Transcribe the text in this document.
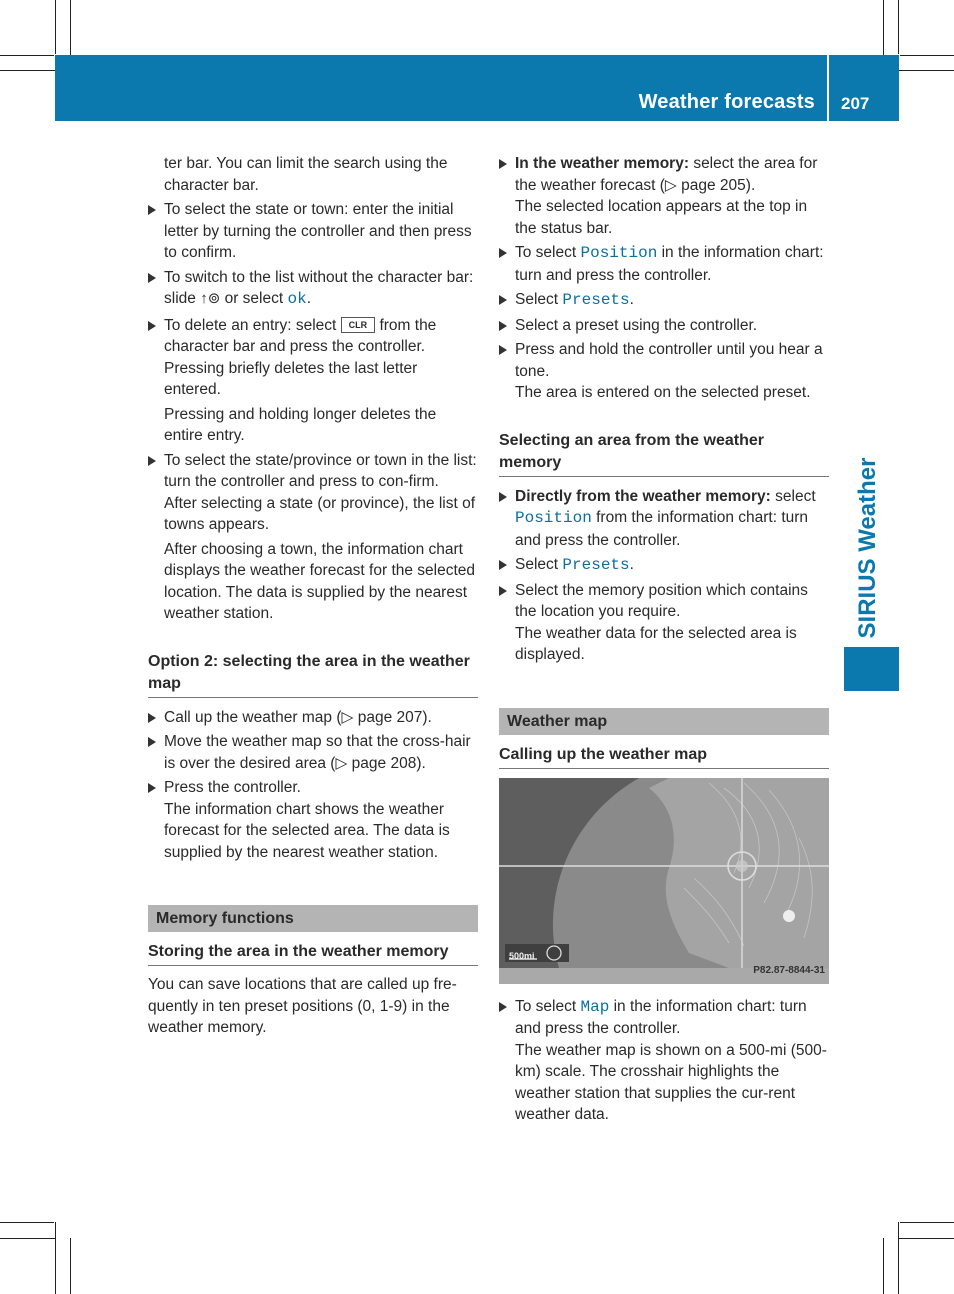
Weather forecasts 207
SIRIUS Weather

ter bar. You can limit the search using the character bar.

To select the state or town: enter the initial letter by turning the controller and then press to confirm.

To switch to the list without the character bar: slide ↑⊚ or select ok.

To delete an entry: select CLR from the character bar and press the controller. Pressing briefly deletes the last letter entered.

Pressing and holding longer deletes the entire entry.

To select the state/province or town in the list: turn the controller and press to con-firm.

After selecting a state (or province), the list of towns appears.

After choosing a town, the information chart displays the weather forecast for the selected location. The data is supplied by the nearest weather station.

Option 2: selecting the area in the weather map

Call up the weather map (▷ page 207).

Move the weather map so that the cross-hair is over the desired area (▷ page 208).

Press the controller.

The information chart shows the weather forecast for the selected area. The data is supplied by the nearest weather station.

Memory functions
Storing the area in the weather memory

You can save locations that are called up fre-quently in ten preset positions (0, 1-9) in the weather memory.

In the weather memory: select the area for the weather forecast (▷ page 205).

The selected location appears at the top in the status bar.

To select Position in the information chart: turn and press the controller.

Select Presets.

Select a preset using the controller.

Press and hold the controller until you hear a tone.

The area is entered on the selected preset.

Selecting an area from the weather memory

Directly from the weather memory: select Position from the information chart: turn and press the controller.

Select Presets.

Select the memory position which contains the location you require.

The weather data for the selected area is displayed.

Weather map
Calling up the weather map
500mi
P82.87-8844-31

To select Map in the information chart: turn and press the controller.

The weather map is shown on a 500-mi (500-km) scale. The crosshair highlights the weather station that supplies the cur-rent weather data.
